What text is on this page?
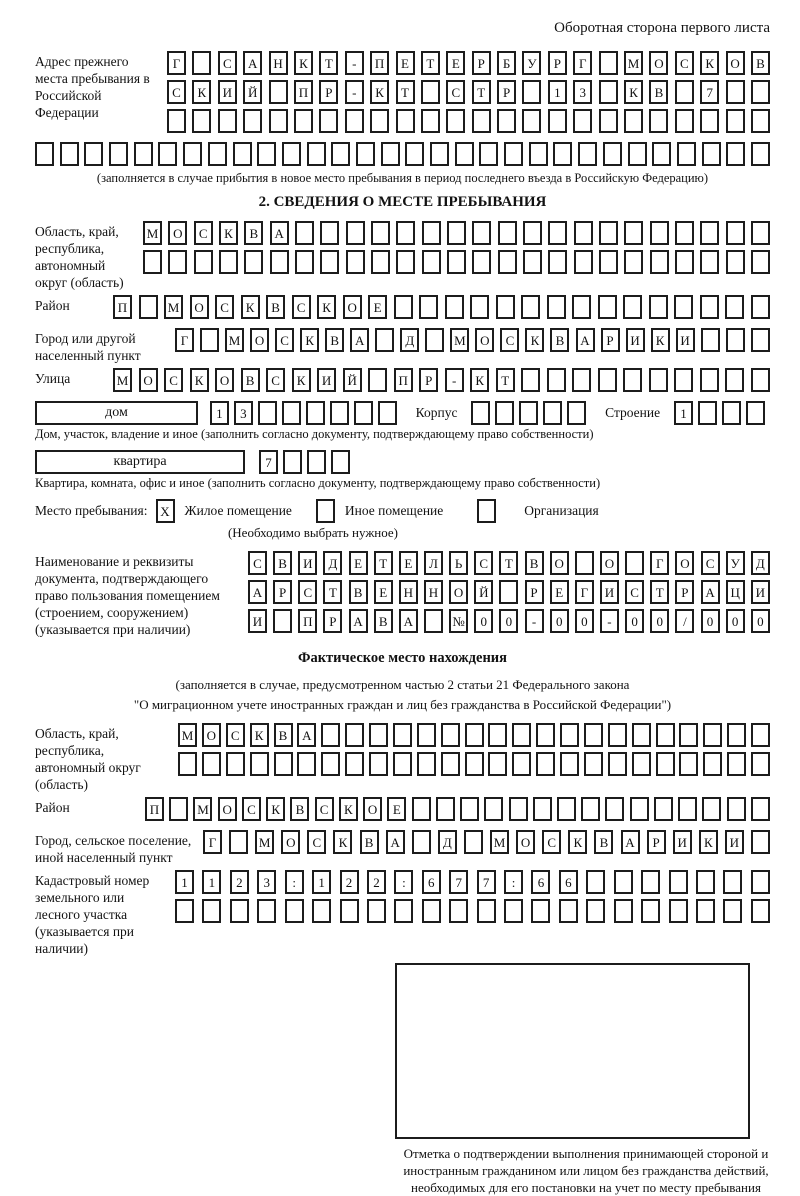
Оборотная сторона первого листа
Адрес прежнего места пребывания в Российской Федерации
Г	С	А	Н	К	Т	-	П	Е	Т	Е	Р	Б	У	Р	Г	М	О	С	К	О	В
С	К	И	Й	П	Р	-	К	Т	С	Т	Р	1	3	К	В	7
(заполняется в случае прибытия в новое место пребывания в период последнего въезда в Российскую Федерацию)
2. СВЕДЕНИЯ О МЕСТЕ ПРЕБЫВАНИЯ
Область, край, республика, автономный округ (область)
М	О	С	К	В	А
Район	П	М	О	С	К	В	С	К	О	Е
Город или другой населенный пункт
Г	М	О	С	К	В	А	Д	М	О	С	К	В	А	Р	И	К	И
Улица	М	О	С	К	О	В	С	К	И	Й	П	Р	-	К	Т
дом	1	3	Корпус	Строение	1
Дом, участок, владение и иное (заполнить согласно документу, подтверждающему право собственности)
квартира	7
Квартира, комната, офис и иное (заполнить согласно документу, подтверждающему право собственности)
Место пребывания: X	Жилое помещение	Иное помещение	Организация
(Необходимо выбрать нужное)
Наименование и реквизиты документа, подтверждающего право пользования помещением (строением, сооружением) (указывается при наличии)
С	В	И	Д	Е	Т	Е	Л	Ь	С	Т	В	О	О	Г	О	С	У	Д
А	Р	С	Т	В	Е	Н	Н	О	Й	Р	Е	Г	И	С	Т	Р	А	Ц	И
И	П	Р	А	В	А	№	0	0	-	0	0	-	0	0	/	0	0	0
Фактическое место нахождения
(заполняется в случае, предусмотренном частью 2 статьи 21 Федерального закона
"О миграционном учете иностранных граждан и лиц без гражданства в Российской Федерации")
Область, край, республика, автономный округ (область)
М	О	С	К	В	А
Район	П	М	О	С	К	В	С	К	О	Е
Город, сельское поселение, иной населенный пункт
Г	М	О	С	К	В	А	Д	М	О	С	К	В	А	Р	И	К	И
Кадастровый номер земельного или лесного участка (указывается при наличии)
1	1	2	3	:	1	2	2	:	6	7	7	:	6	6
Отметка о подтверждении выполнения принимающей стороной и иностранным гражданином или лицом без гражданства действий, необходимых для его постановки на учет по месту пребывания
